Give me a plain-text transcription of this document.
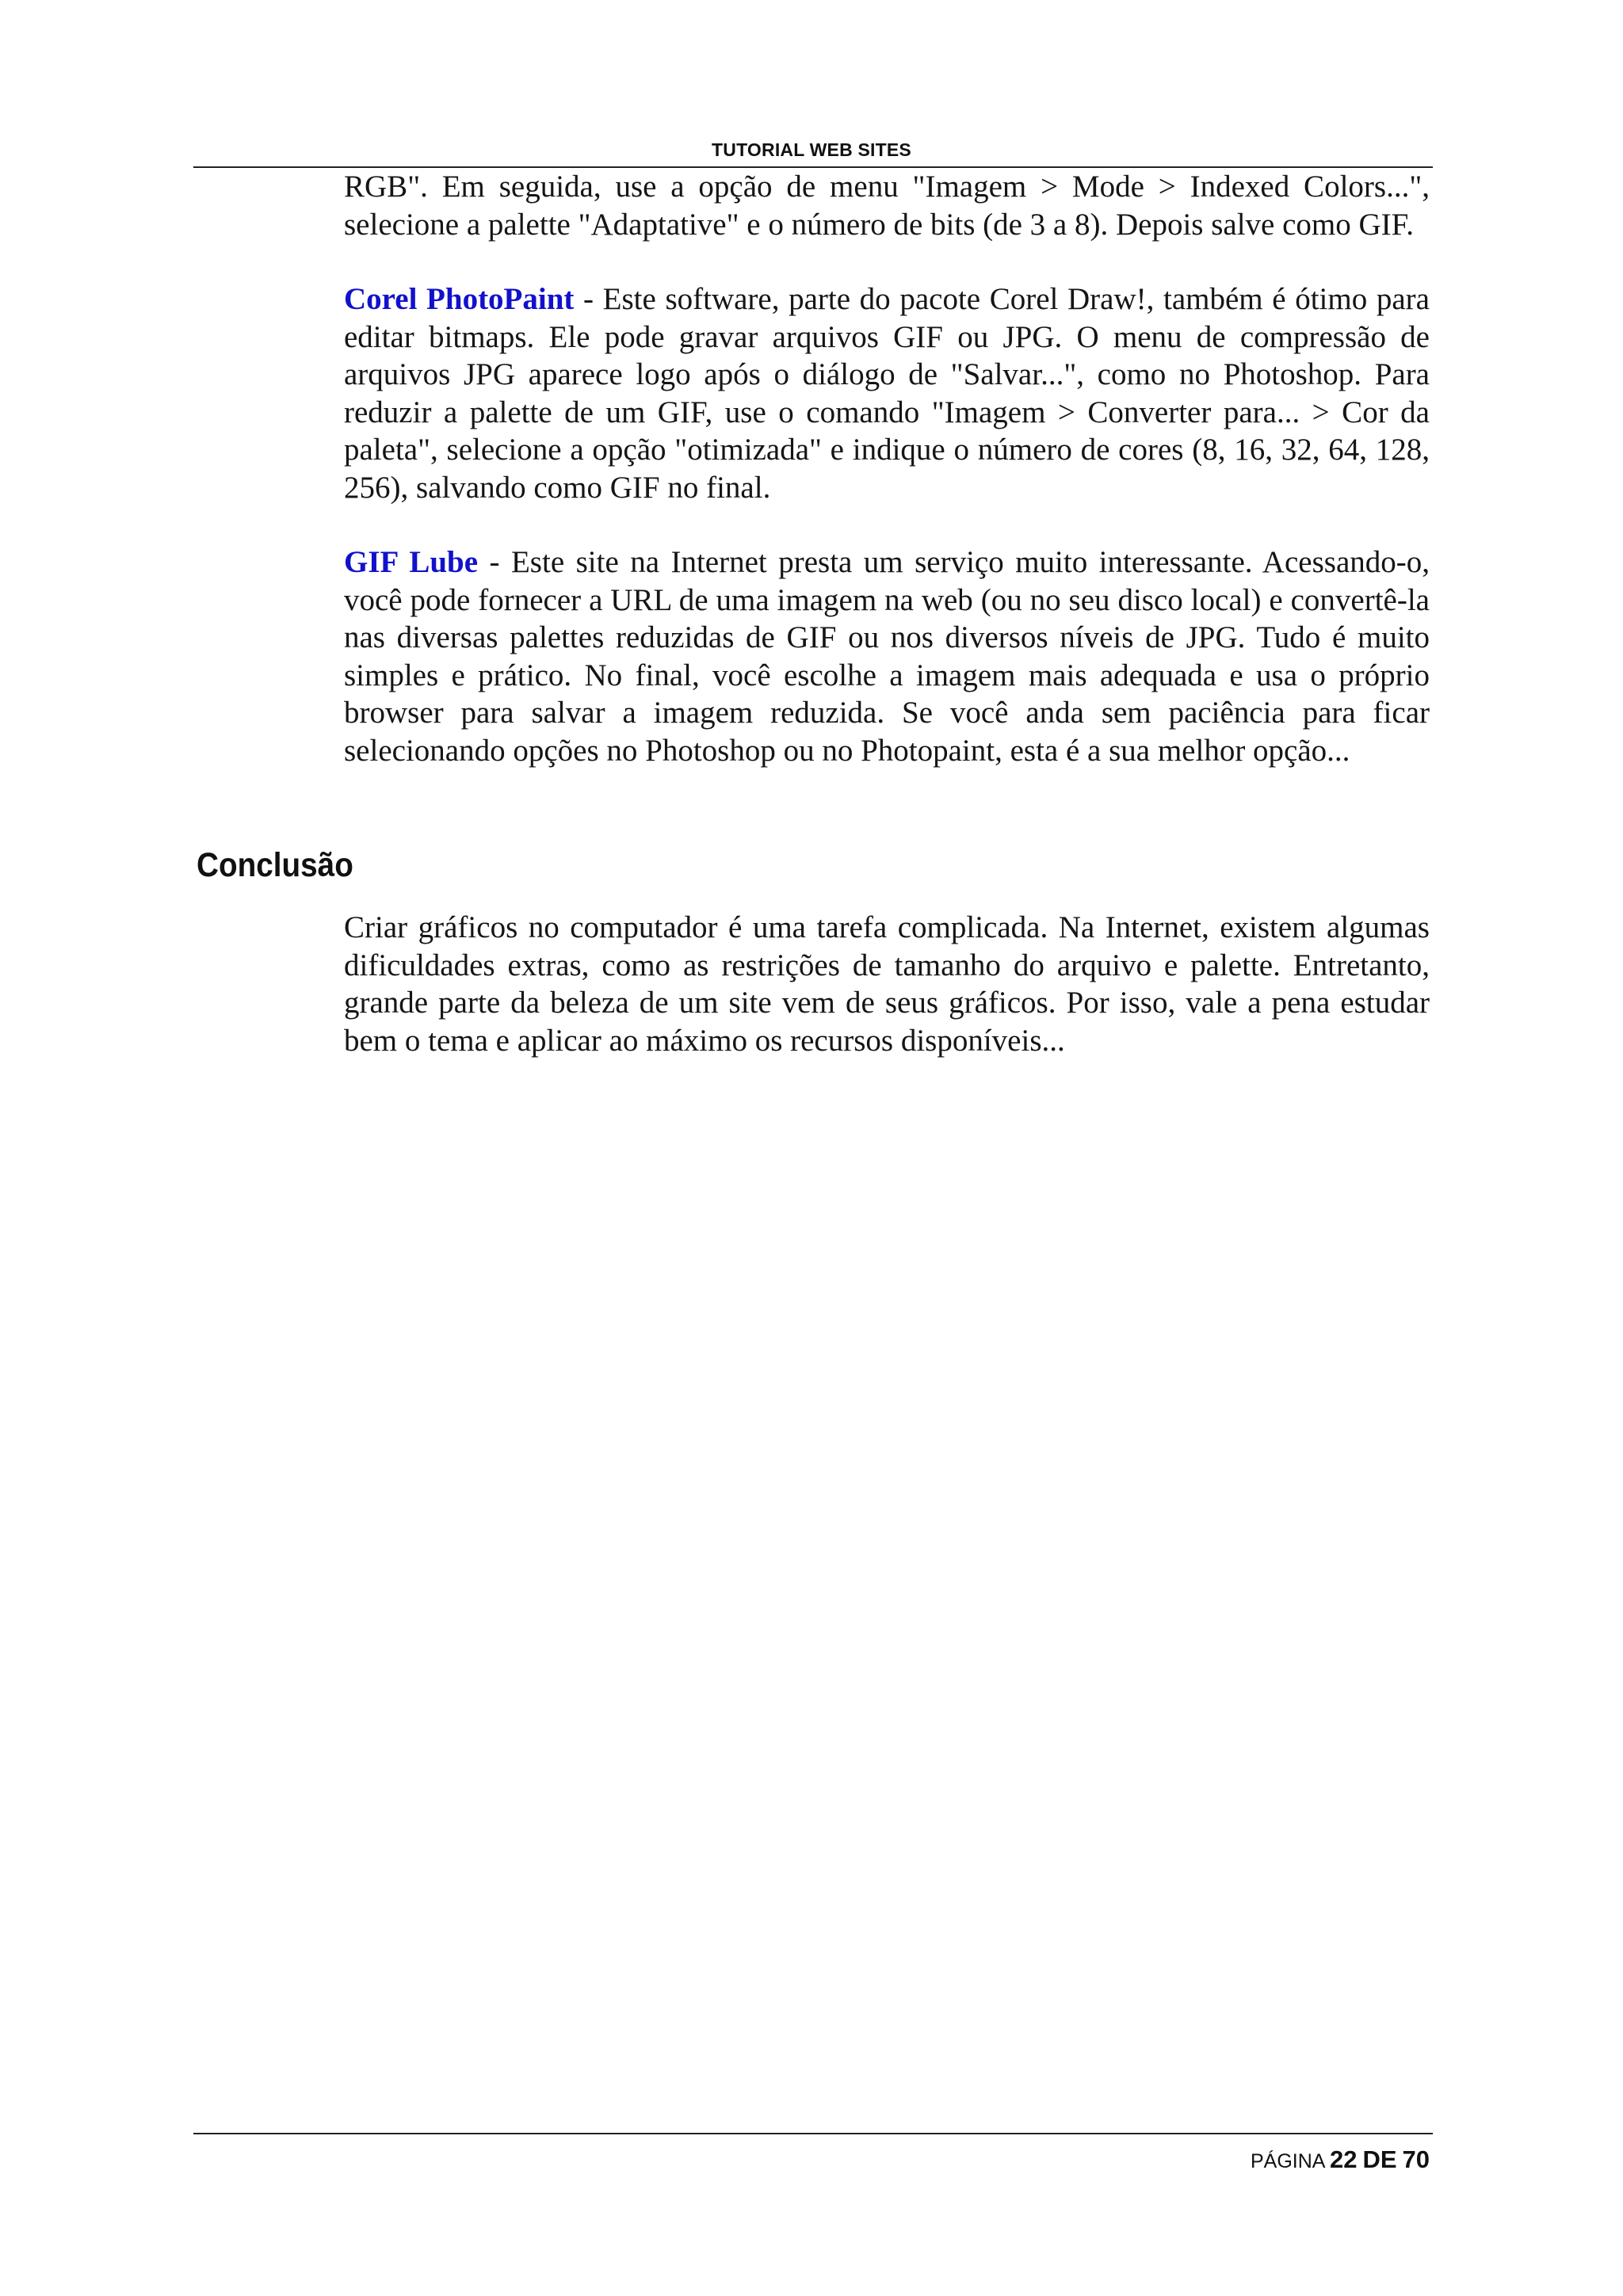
TUTORIAL WEB SITES

RGB". Em seguida, use a opção de menu "Imagem > Mode > Indexed Colors...", selecione a palette "Adaptative" e o número de bits (de 3 a 8). Depois salve como GIF.

Corel PhotoPaint - Este software, parte do pacote Corel Draw!, também é ótimo para editar bitmaps. Ele pode gravar arquivos GIF ou JPG. O menu de compressão de arquivos JPG aparece logo após o diálogo de "Salvar...", como no Photoshop. Para reduzir a palette de um GIF, use o comando "Imagem > Converter para... > Cor da paleta", selecione a opção "otimizada" e indique o número de cores (8, 16, 32, 64, 128, 256), salvando como GIF no final.

GIF Lube - Este site na Internet presta um serviço muito interessante. Acessando-o, você pode fornecer a URL de uma imagem na web (ou no seu disco local) e convertê-la nas diversas palettes reduzidas de GIF ou nos diversos níveis de JPG. Tudo é muito simples e prático. No final, você escolhe a imagem mais adequada e usa o próprio browser para salvar a imagem reduzida. Se você anda sem paciência para ficar selecionando opções no Photoshop ou no Photopaint, esta é a sua melhor opção...

Conclusão

Criar gráficos no computador é uma tarefa complicada. Na Internet, existem algumas dificuldades extras, como as restrições de tamanho do arquivo e palette. Entretanto, grande parte da beleza de um site vem de seus gráficos. Por isso, vale a pena estudar bem o tema e aplicar ao máximo os recursos disponíveis...

PÁGINA 22 DE 70
